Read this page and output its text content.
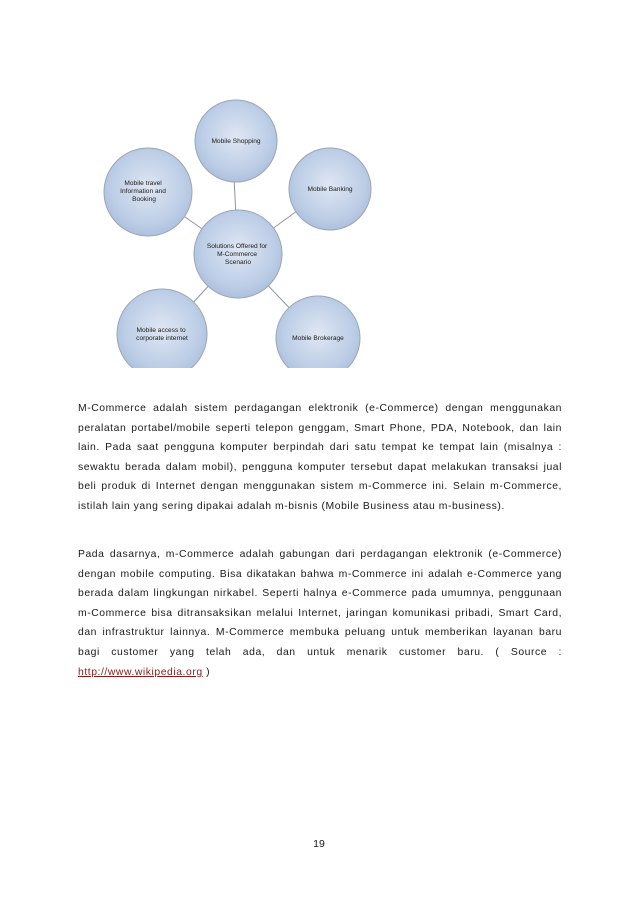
Mobile Shopping
Mobile Banking
Mobile travel Information and Booking
Solutions Offered for M-Commerce Scenario
Mobile access to corporate internet	Mobile Brokerage

M-Commerce adalah sistem perdagangan elektronik (e-Commerce) dengan menggunakan peralatan portabel/mobile seperti telepon genggam, Smart Phone, PDA, Notebook, dan lain lain. Pada saat pengguna komputer berpindah dari satu tempat ke tempat lain (misalnya : sewaktu berada dalam mobil), pengguna komputer tersebut dapat melakukan transaksi jual beli produk di Internet dengan menggunakan sistem m-Commerce ini. Selain m-Commerce, istilah lain yang sering dipakai adalah m-bisnis (Mobile Business atau m-business).

Pada dasarnya, m-Commerce adalah gabungan dari perdagangan elektronik (e-Commerce) dengan mobile computing. Bisa dikatakan bahwa m-Commerce ini adalah e-Commerce yang berada dalam lingkungan nirkabel. Seperti halnya e-Commerce pada umumnya, penggunaan m-Commerce bisa ditransaksikan melalui Internet, jaringan komunikasi pribadi, Smart Card, dan infrastruktur lainnya. M-Commerce membuka peluang untuk memberikan layanan baru bagi customer yang telah ada, dan untuk menarik customer baru. ( Source : http://www.wikipedia.org )

19
